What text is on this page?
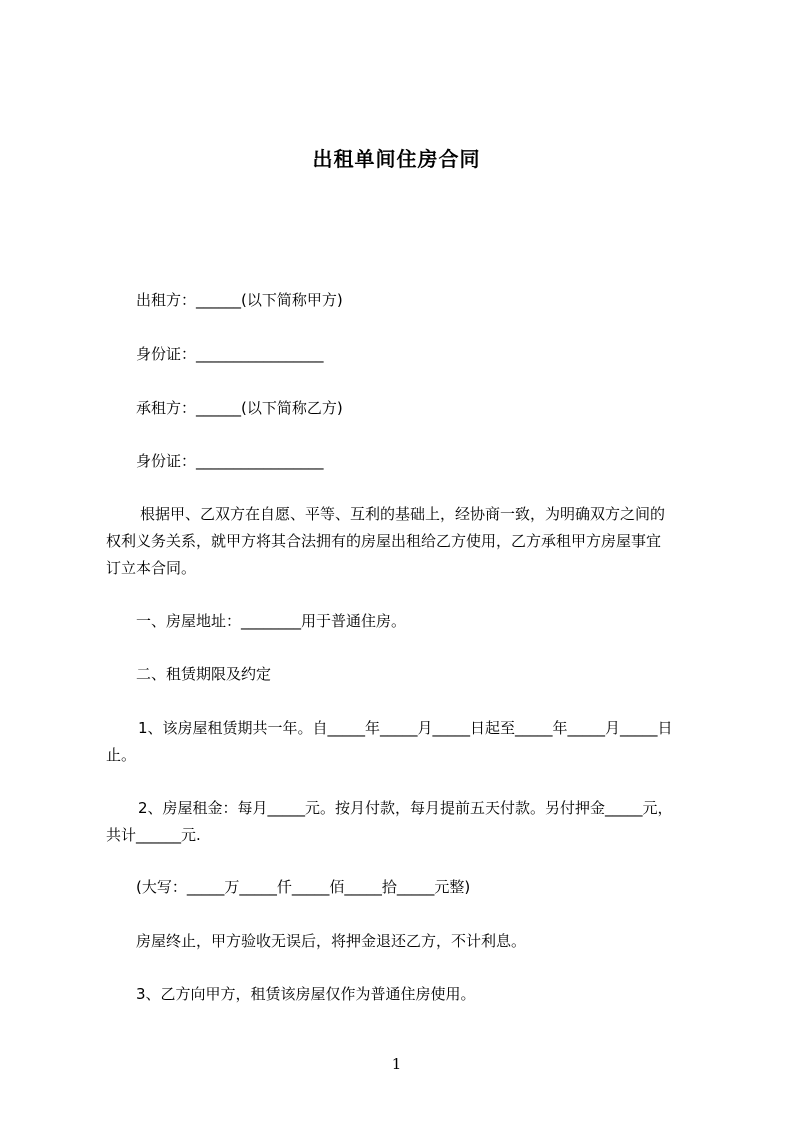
出租单间住房合同
出租方：______(以下简称甲方)
身份证：_________________
承租方：______(以下简称乙方)
身份证：_________________
根据甲、乙双方在自愿、平等、互利的基础上，经协商一致，为明确双方之间的
权利义务关系，就甲方将其合法拥有的房屋出租给乙方使用，乙方承租甲方房屋事宜
订立本合同。
一、房屋地址：________用于普通住房。
二、租赁期限及约定
1、该房屋租赁期共一年。自_____年_____月_____日起至_____年_____月_____日
止。
2、房屋租金：每月_____元。按月付款，每月提前五天付款。另付押金_____元，
共计______元.
(大写：_____万_____仟_____佰_____拾_____元整)
房屋终止，甲方验收无误后，将押金退还乙方，不计利息。
3、乙方向甲方，租赁该房屋仅作为普通住房使用。
1
